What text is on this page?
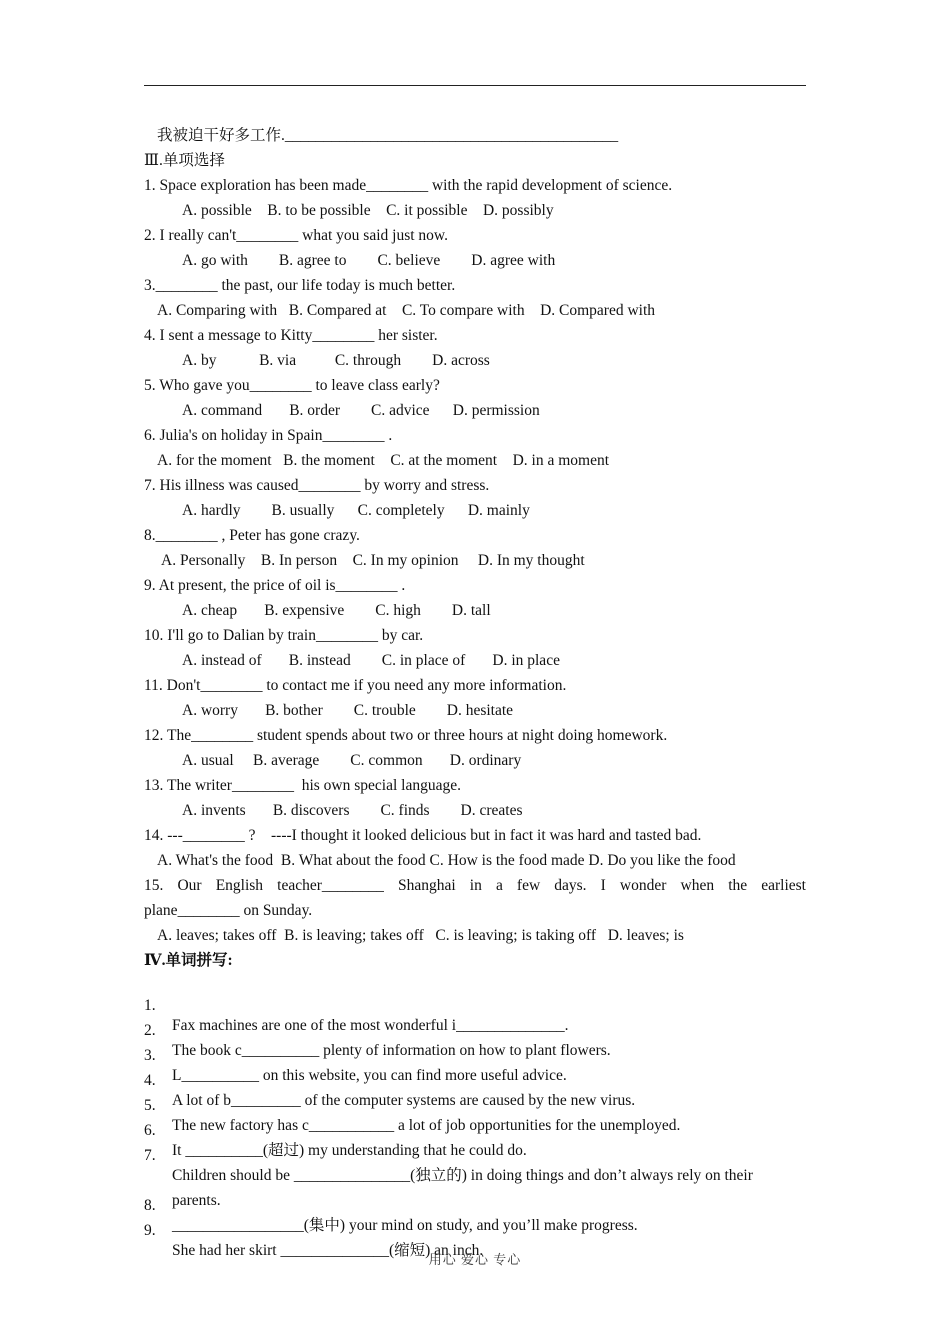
我被迫干好多工作.___________________________________________
Ⅲ.单项选择
1. Space exploration has been made________ with the rapid development of science.
A. possible    B. to be possible    C. it possible    D. possibly
2. I really can't________ what you said just now.
A. go with        B. agree to        C. believe        D. agree with
3.________ the past, our life today is much better.
A. Comparing with   B. Compared at    C. To compare with    D. Compared with
4. I sent a message to Kitty________ her sister.
A. by           B. via          C. through        D. across
5. Who gave you________ to leave class early?
A. command       B. order        C. advice      D. permission
6. Julia's on holiday in Spain________ .
A. for the moment   B. the moment    C. at the moment    D. in a moment
7. His illness was caused________ by worry and stress.
A. hardly        B. usually      C. completely      D. mainly
8.________ , Peter has gone crazy.
A. Personally    B. In person    C. In my opinion     D. In my thought
9. At present, the price of oil is________ .
A. cheap       B. expensive        C. high        D. tall
10. I'll go to Dalian by train________ by car.
A. instead of       B. instead        C. in place of       D. in place
11. Don't________ to contact me if you need any more information.
A. worry       B. bother        C. trouble        D. hesitate
12. The________ student spends about two or three hours at night doing homework.
A. usual     B. average        C. common       D. ordinary
13. The writer________  his own special language.
A. invents       B. discovers        C. finds        D. creates
14. ---________ ?    ----I thought it looked delicious but in fact it was hard and tasted bad.
A. What's the food  B. What about the food C. How is the food made D. Do you like the food
15. Our English teacher________ Shanghai in a few days. I wonder when the earliest
plane________ on Sunday.
A. leaves; takes off  B. is leaving; takes off   C. is leaving; is taking off   D. leaves; is
Ⅳ.单词拼写:

1.

Fax machines are one of the most wonderful i______________.

2.

The book c__________ plenty of information on how to plant flowers.

3.

L__________ on this website, you can find more useful advice.

4.

A lot of b_________ of the computer systems are caused by the new virus.

5.

The new factory has c___________ a lot of job opportunities for the unemployed.

6.

It __________(超过) my understanding that he could do.

7.

Children should be _______________(独立的) in doing things and don’t always rely on their

parents.

8.

_________________(集中) your mind on study, and you’ll make progress.

9.

She had her skirt ______________(缩短) an inch.

用心 爱心 专心
